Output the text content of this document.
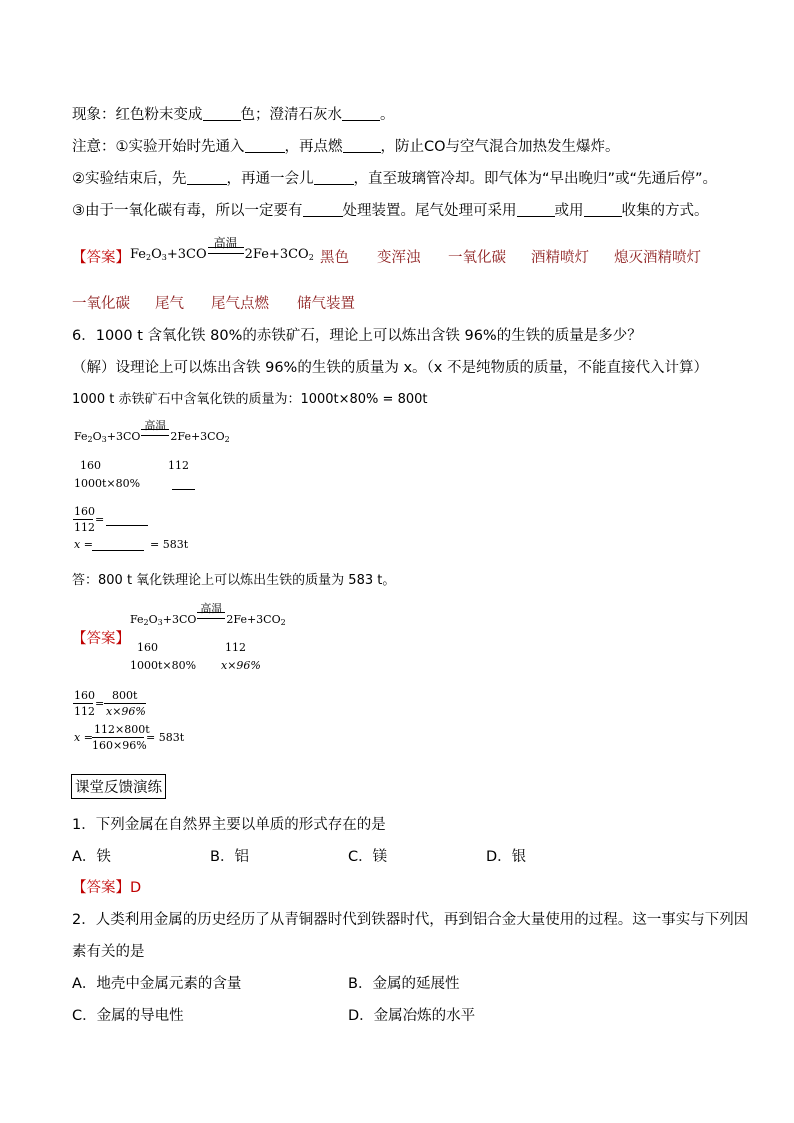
现象：红色粉末变成	色；澄清石灰水	。
注意：①实验开始时先通入	，再点燃	，防止CO与空气混合加热发生爆炸。
②实验结束后，先	，再通一会儿	，直至玻璃管冷却。即气体为“早出晚归”或“先通后停”。
③由于一氧化碳有毒，所以一定要有	处理装置。尾气处理可采用	或用	收集的方式。
【答案】 $Fe_2O_3+3CO$
高温
$2Fe+3CO_2$ 黑色 变浑浊 一氧化碳 酒精喷灯 熄灭酒精喷灯
一氧化碳 尾气 尾气点燃 储气装置
6．1000 t 含氧化铁 80%的赤铁矿石，理论上可以炼出含铁 96%的生铁的质量是多少？
（解）设理论上可以炼出含铁 96%的生铁的质量为 x。（x 不是纯物质的质量，不能直接代入计算）
1000 t 赤铁矿石中含氧化铁的质量为：1000t×80% = 800t
$Fe_2O_3+3CO$
高温
$2Fe+3CO_2$
160	112
1000t×80%
160
112
=
x =	= 583t
答：800 t 氧化铁理论上可以炼出生铁的质量为 583 t。
$Fe_2O_3+3CO$
高温
$2Fe+3CO_2$
【答案】
160	112
1000t×80% x×96%
160
112
=
800t
x×96%
x =
112×800t
160×96%
= 583t
课堂反馈演练
1．下列金属在自然界主要以单质的形式存在的是
A．铁	B．铝	C．镁	D．银
【答案】D
2．人类利用金属的历史经历了从青铜器时代到铁器时代，再到铝合金大量使用的过程。这一事实与下列因
素有关的是
A．地壳中金属元素的含量	B．金属的延展性
C．金属的导电性	D．金属冶炼的水平
